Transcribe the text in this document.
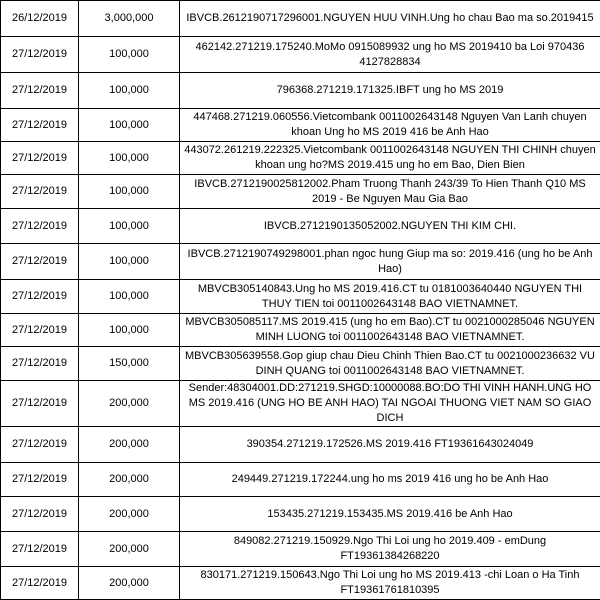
26/12/2019	3,000,000	IBVCB.2612190717296001.NGUYEN HUU VINH.Ung ho chau Bao ma so.2019415
27/12/2019	100,000	462142.271219.175240.MoMo 0915089932 ung ho MS 2019410 ba Loi 970436 4127828834
27/12/2019	100,000	796368.271219.171325.IBFT ung ho MS 2019
27/12/2019	100,000	447468.271219.060556.Vietcombank 0011002643148 Nguyen Van Lanh chuyen khoan Ung ho MS 2019 416 be Anh Hao
27/12/2019	100,000	443072.261219.222325.Vietcombank 0011002643148 NGUYEN THI CHINH chuyen khoan ung ho?MS 2019.415 ung ho em Bao, Dien Bien
27/12/2019	100,000	IBVCB.2712190025812002.Pham Truong Thanh 243/39 To Hien Thanh Q10 MS 2019 - Be Nguyen Mau Gia Bao
27/12/2019	100,000	IBVCB.2712190135052002.NGUYEN THI KIM CHI.
27/12/2019	100,000	IBVCB.2712190749298001.phan ngoc hung Giup ma so: 2019.416 (ung ho be Anh Hao)
27/12/2019	100,000	MBVCB305140843.Ung ho MS 2019.416.CT tu 0181003640440 NGUYEN THI THUY TIEN toi 0011002643148 BAO VIETNAMNET.
27/12/2019	100,000	MBVCB305085117.MS 2019.415 (ung ho em Bao).CT tu 0021000285046 NGUYEN MINH LUONG toi 0011002643148 BAO VIETNAMNET.
27/12/2019	150,000	MBVCB305639558.Gop giup chau Dieu Chinh Thien Bao.CT tu 0021000236632 VU DINH QUANG toi 0011002643148 BAO VIETNAMNET.
27/12/2019	200,000	Sender:48304001.DD:271219.SHGD:10000088.BO:DO THI VINH HANH.UNG HO MS 2019.416 (UNG HO BE ANH HAO) TAI NGOAI THUONG VIET NAM SO GIAO DICH
27/12/2019	200,000	390354.271219.172526.MS 2019.416 FT19361643024049
27/12/2019	200,000	249449.271219.172244.ung ho ms 2019 416 ung ho be Anh Hao
27/12/2019	200,000	153435.271219.153435.MS 2019.416 be Anh Hao
27/12/2019	200,000	849082.271219.150929.Ngo Thi Loi ung ho 2019.409 - emDung FT19361384268220
27/12/2019	200,000	830171.271219.150643.Ngo Thi Loi ung ho MS 2019.413 -chi Loan o Ha Tinh FT19361761810395
